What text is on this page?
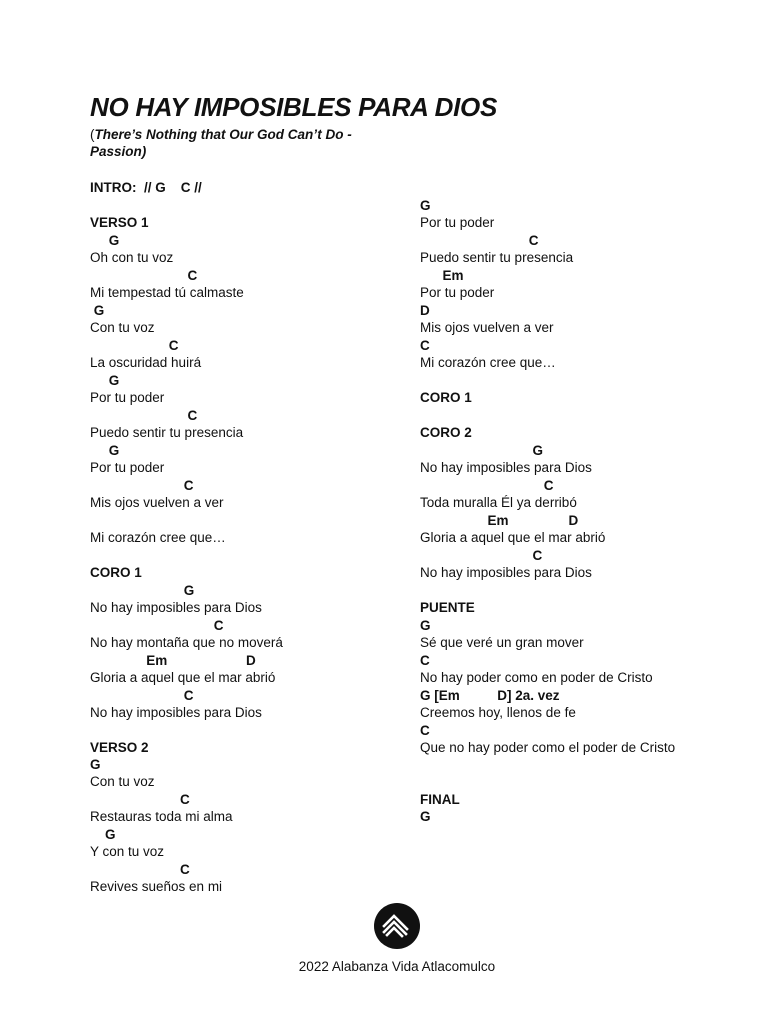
NO HAY IMPOSIBLES PARA DIOS

(There’s Nothing that Our God Can’t Do - Passion)

INTRO:  // G    C //
VERSO 1
G
Oh con tu voz
C
Mi tempestad tú calmaste
G
Con tu voz
C
La oscuridad huirá
G
Por tu poder
C
Puedo sentir tu presencia
G
Por tu poder
C
Mis ojos vuelven a ver
Mi corazón cree que…
CORO 1
G
No hay imposibles para Dios
C
No hay montaña que no moverá
Em                     D
Gloria a aquel que el mar abrió
C
No hay imposibles para Dios
VERSO 2
G
Con tu voz
C
Restauras toda mi alma
G
Y con tu voz
C
Revives sueños en mi
G
Por tu poder
C
Puedo sentir tu presencia
Em
Por tu poder
D
Mis ojos vuelven a ver
C
Mi corazón cree que…
CORO 1
CORO 2
G
No hay imposibles para Dios
C
Toda muralla Él ya derribó
Em                D
Gloria a aquel que el mar abrió
C
No hay imposibles para Dios
PUENTE
G
Sé que veré un gran mover
C
No hay poder como en poder de Cristo
G [Em          D] 2a. vez
Creemos hoy, llenos de fe
C
Que no hay poder como el poder de Cristo
FINAL
G
2022 Alabanza Vida Atlacomulco
